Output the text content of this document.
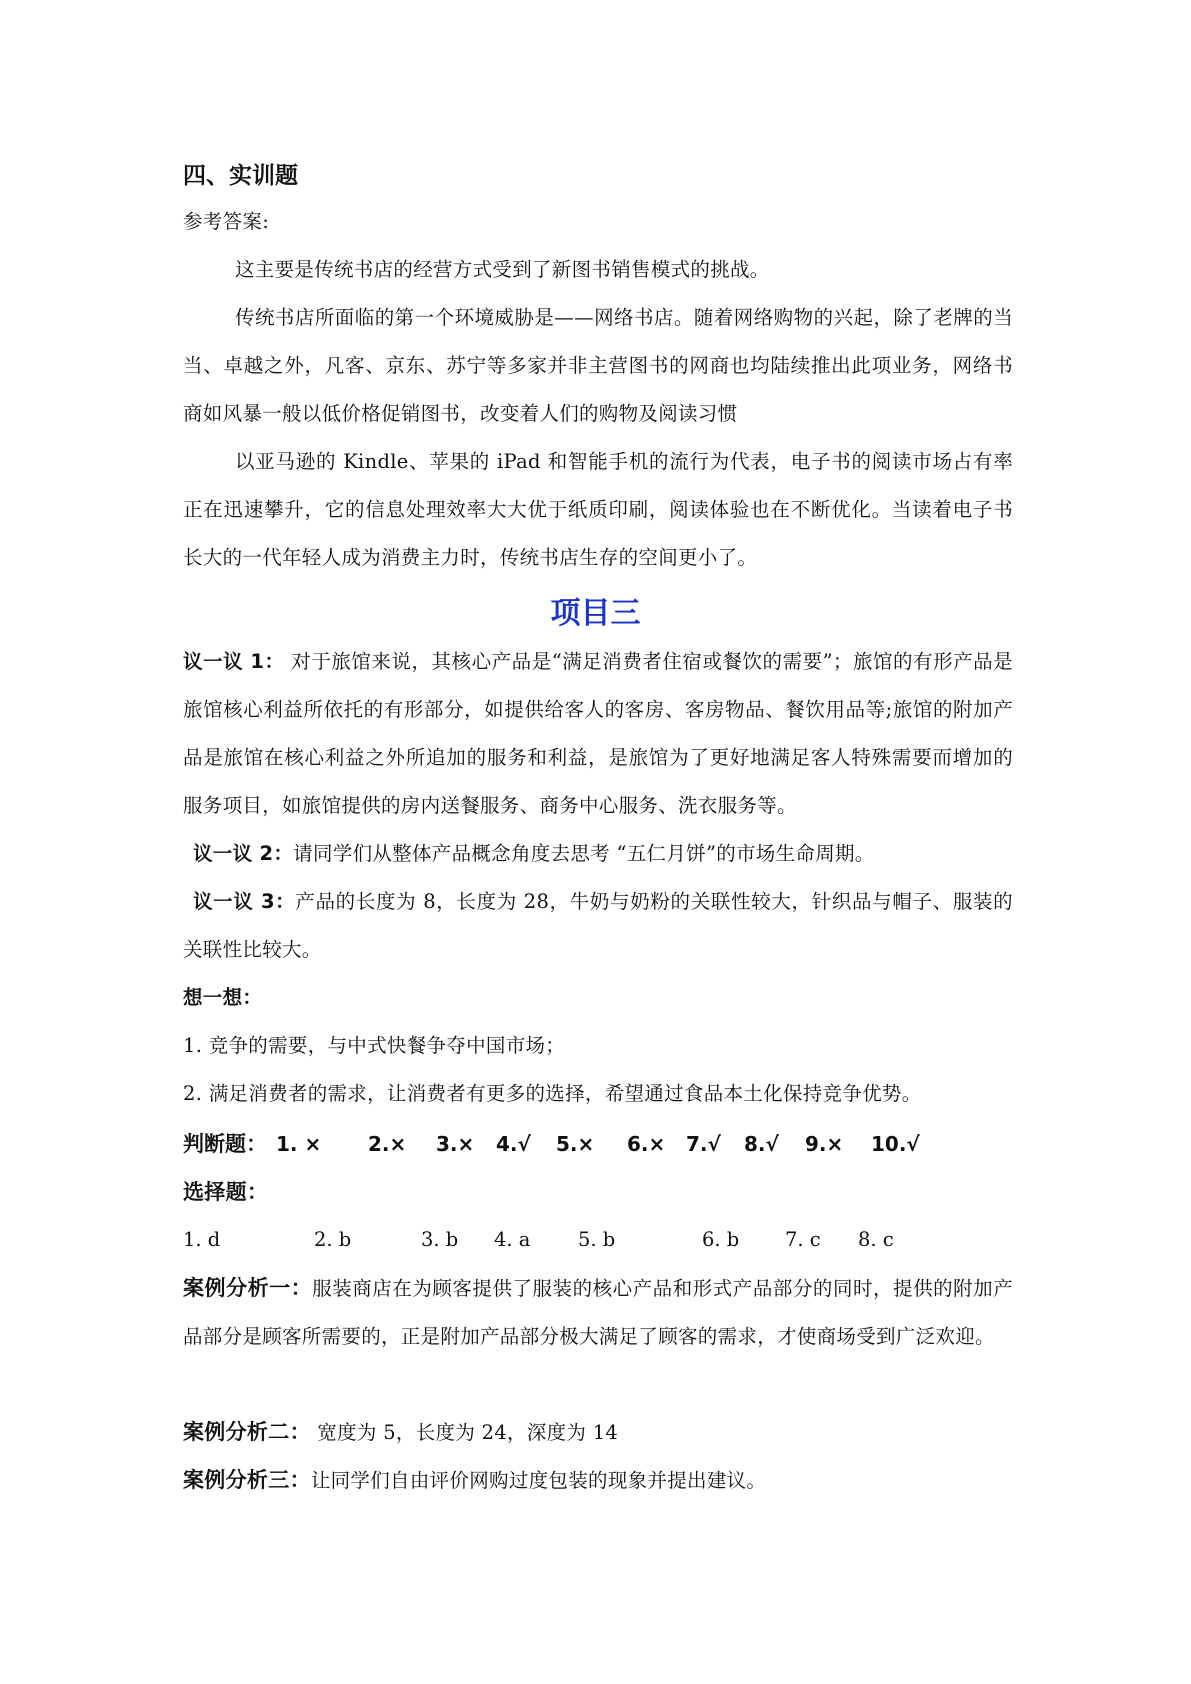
四、实训题

参考答案:

这主要是传统书店的经营方式受到了新图书销售模式的挑战。

传统书店所面临的第一个环境威胁是——网络书店。随着网络购物的兴起，除了老牌的当当、卓越之外，凡客、京东、苏宁等多家并非主营图书的网商也均陆续推出此项业务，网络书商如风暴一般以低价格促销图书，改变着人们的购物及阅读习惯

以亚马逊的 Kindle、苹果的 iPad 和智能手机的流行为代表，电子书的阅读市场占有率正在迅速攀升，它的信息处理效率大大优于纸质印刷，阅读体验也在不断优化。当读着电子书长大的一代年轻人成为消费主力时，传统书店生存的空间更小了。

项目三

议一议 1： 对于旅馆来说，其核心产品是“满足消费者住宿或餐饮的需要”；旅馆的有形产品是旅馆核心利益所依托的有形部分，如提供给客人的客房、客房物品、餐饮用品等;旅馆的附加产品是旅馆在核心利益之外所追加的服务和利益，是旅馆为了更好地满足客人特殊需要而增加的服务项目，如旅馆提供的房内送餐服务、商务中心服务、洗衣服务等。

议一议 2：请同学们从整体产品概念角度去思考 “五仁月饼”的市场生命周期。

议一议 3：产品的长度为 8，长度为 28，牛奶与奶粉的关联性较大，针织品与帽子、服装的关联性比较大。

想一想：

1. 竞争的需要，与中式快餐争夺中国市场；

2. 满足消费者的需求，让消费者有更多的选择，希望通过食品本土化保持竞争优势。

判断题： 1. × 2.× 3.× 4.√ 5.× 6.× 7.√ 8.√ 9.× 10.√

选择题：

1. d	2. b	3. b 4. a 5. b	6. b 7. c 8. c

案例分析一：服装商店在为顾客提供了服装的核心产品和形式产品部分的同时，提供的附加产品部分是顾客所需要的，正是附加产品部分极大满足了顾客的需求，才使商场受到广泛欢迎。

案例分析二： 宽度为 5，长度为 24，深度为 14

案例分析三：让同学们自由评价网购过度包装的现象并提出建议。
